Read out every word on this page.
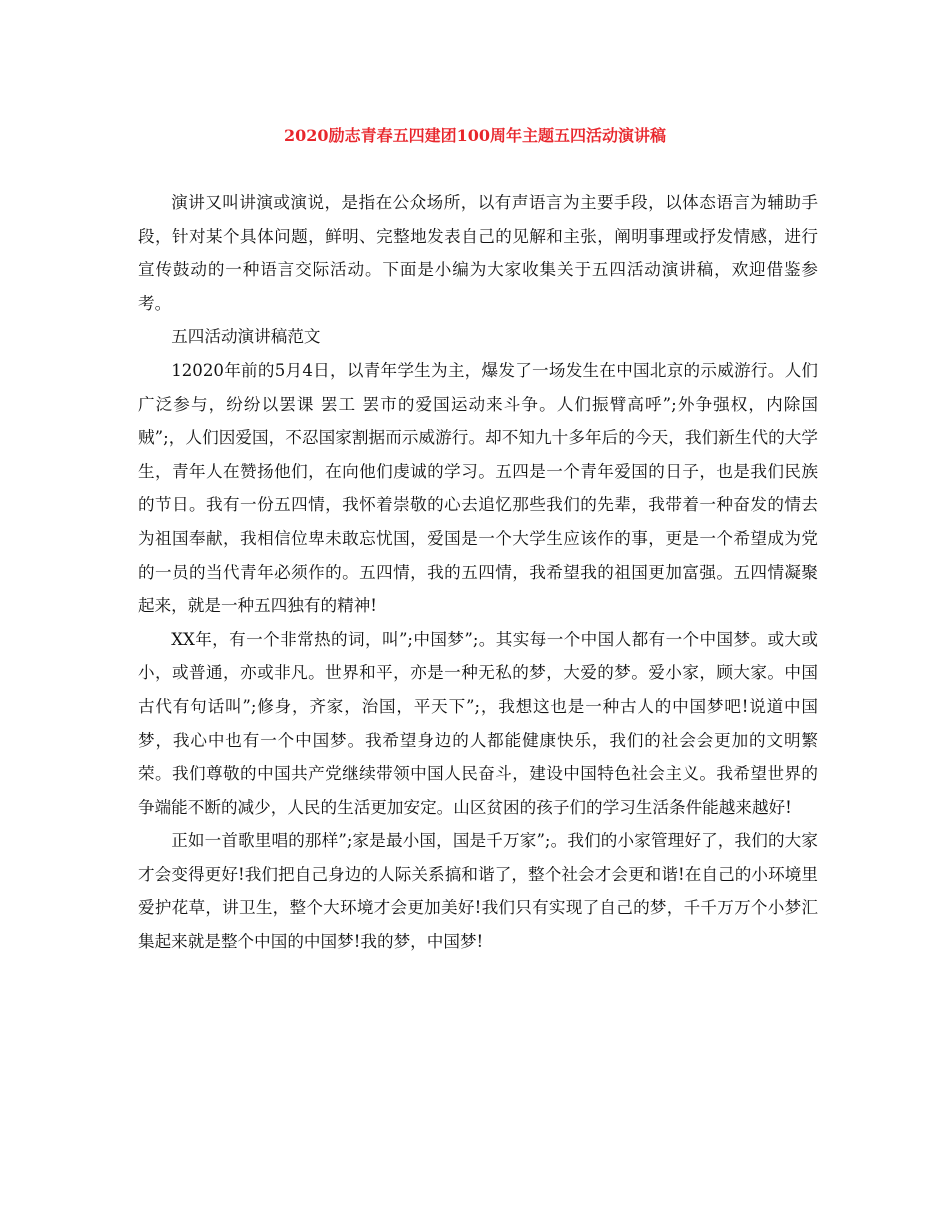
2020励志青春五四建团100周年主题五四活动演讲稿

演讲又叫讲演或演说，是指在公众场所，以有声语言为主要手段，以体态语言为辅助手段，针对某个具体问题，鲜明、完整地发表自己的见解和主张，阐明事理或抒发情感，进行宣传鼓动的一种语言交际活动。下面是小编为大家收集关于五四活动演讲稿，欢迎借鉴参考。

五四活动演讲稿范文

12020年前的5月4日，以青年学生为主，爆发了一场发生在中国北京的示威游行。人们广泛参与，纷纷以罢课 罢工 罢市的爱国运动来斗争。人们振臂高呼”;外争强权，内除国贼”;，人们因爱国，不忍国家割据而示威游行。却不知九十多年后的今天，我们新生代的大学生，青年人在赞扬他们，在向他们虔诚的学习。五四是一个青年爱国的日子，也是我们民族的节日。我有一份五四情，我怀着崇敬的心去追忆那些我们的先辈，我带着一种奋发的情去为祖国奉献，我相信位卑未敢忘忧国，爱国是一个大学生应该作的事，更是一个希望成为党的一员的当代青年必须作的。五四情，我的五四情，我希望我的祖国更加富强。五四情凝聚起来，就是一种五四独有的精神!

XX年，有一个非常热的词，叫”;中国梦”;。其实每一个中国人都有一个中国梦。或大或小，或普通，亦或非凡。世界和平，亦是一种无私的梦，大爱的梦。爱小家，顾大家。中国古代有句话叫”;修身，齐家，治国，平天下”;，我想这也是一种古人的中国梦吧!说道中国梦，我心中也有一个中国梦。我希望身边的人都能健康快乐，我们的社会会更加的文明繁荣。我们尊敬的中国共产党继续带领中国人民奋斗，建设中国特色社会主义。我希望世界的争端能不断的减少，人民的生活更加安定。山区贫困的孩子们的学习生活条件能越来越好!

正如一首歌里唱的那样”;家是最小国，国是千万家”;。我们的小家管理好了，我们的大家才会变得更好!我们把自己身边的人际关系搞和谐了，整个社会才会更和谐!在自己的小环境里爱护花草，讲卫生，整个大环境才会更加美好!我们只有实现了自己的梦，千千万万个小梦汇集起来就是整个中国的中国梦!我的梦，中国梦!
